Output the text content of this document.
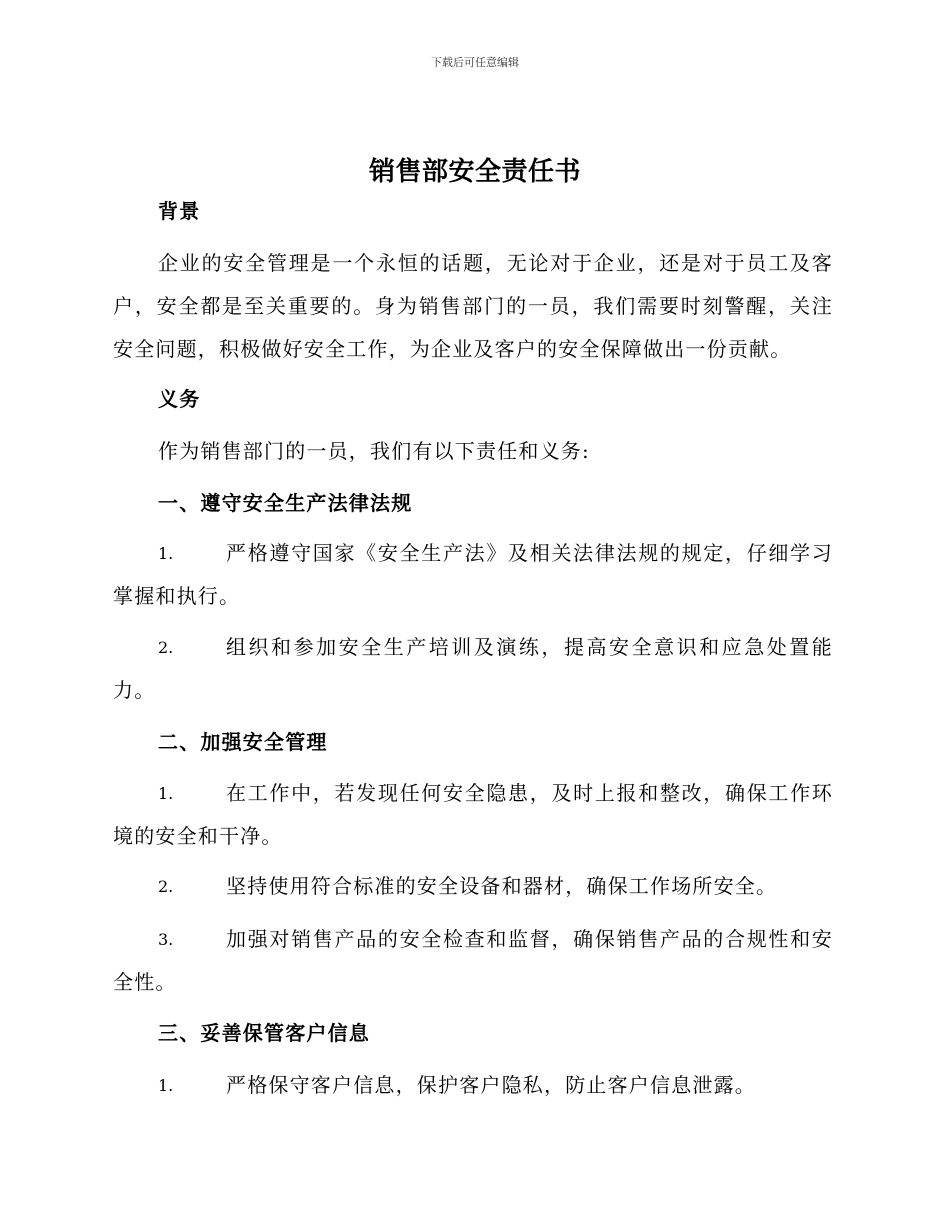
下载后可任意编辑
销售部安全责任书
背景
企业的安全管理是一个永恒的话题，无论对于企业，还是对于员工及客户，安全都是至关重要的。身为销售部门的一员，我们需要时刻警醒，关注安全问题，积极做好安全工作，为企业及客户的安全保障做出一份贡献。
义务
作为销售部门的一员，我们有以下责任和义务:
一、遵守安全生产法律法规
1.	严格遵守国家《安全生产法》及相关法律法规的规定，仔细学习掌握和执行。
2.	组织和参加安全生产培训及演练，提高安全意识和应急处置能力。
二、加强安全管理
1.	在工作中，若发现任何安全隐患，及时上报和整改，确保工作环境的安全和干净。
2.	坚持使用符合标准的安全设备和器材，确保工作场所安全。
3.	加强对销售产品的安全检查和监督，确保销售产品的合规性和安全性。
三、妥善保管客户信息
1.	严格保守客户信息，保护客户隐私，防止客户信息泄露。
